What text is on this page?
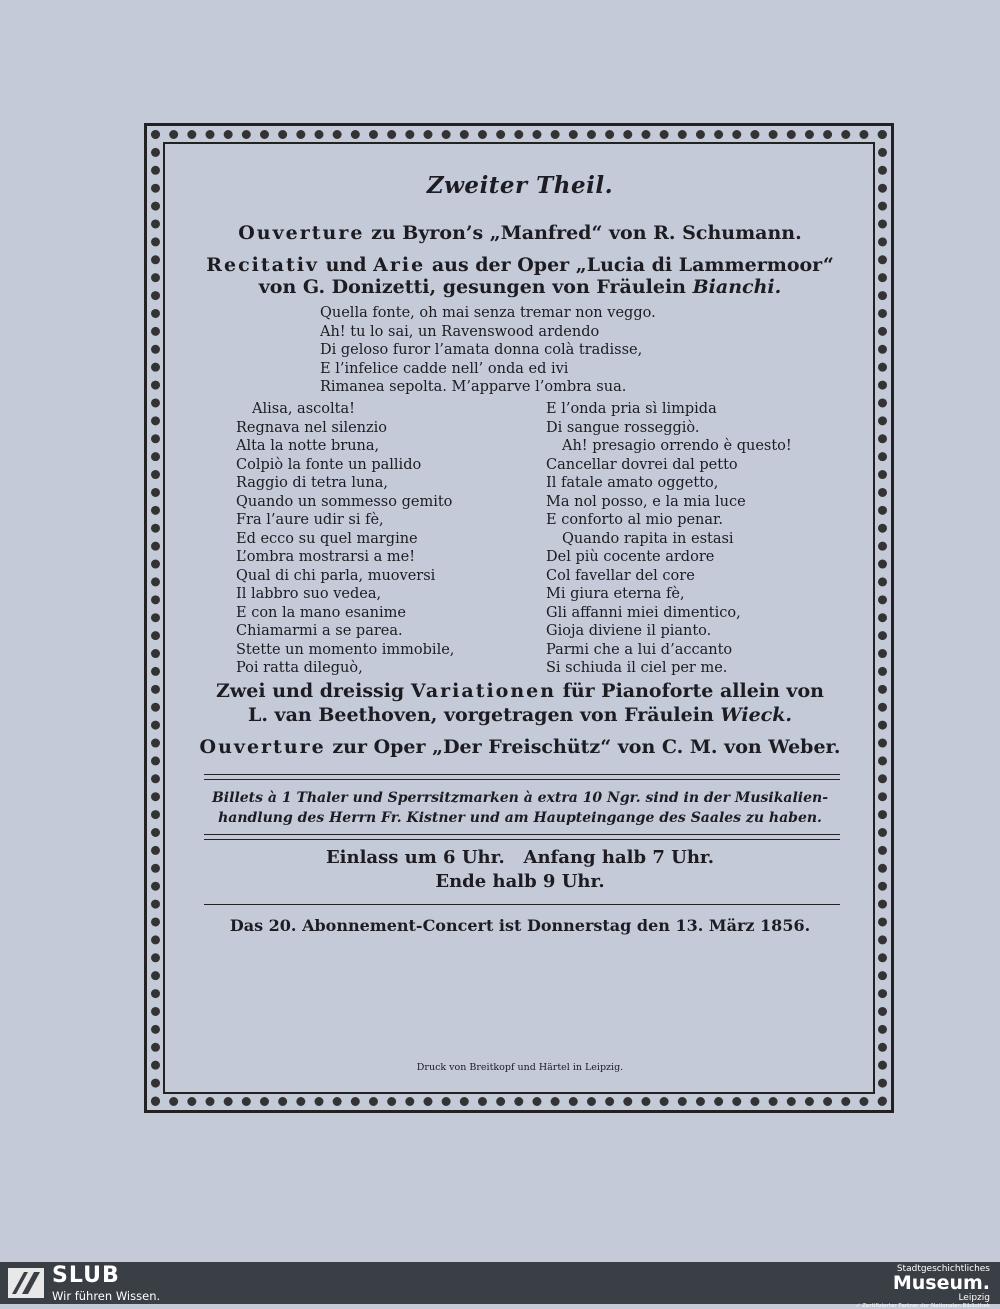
Zweiter Theil.
Ouverture zu Byron’s „Manfred“ von R. Schumann.
Recitativ und Arie aus der Oper „Lucia di Lammermoor“
von G. Donizetti, gesungen von Fräulein Bianchi.
Quella fonte, oh mai senza tremar non veggo.
Ah! tu lo sai, un Ravenswood ardendo
Di geloso furor l’amata donna colà tradisse,
E l’infelice cadde nell’ onda ed ivi
Rimanea sepolta. M’apparve l’ombra sua.
Alisa, ascolta!
Regnava nel silenzio
Alta la notte bruna,
Colpiò la fonte un pallido
Raggio di tetra luna,
Quando un sommesso gemito
Fra l’aure udir si fè,
Ed ecco su quel margine
L’ombra mostrarsi a me!
Qual di chi parla, muoversi
Il labbro suo vedea,
E con la mano esanime
Chiamarmi a se parea.
Stette un momento immobile,
Poi ratta dileguò,
E l’onda pria sì limpida
Di sangue rosseggiò.
Ah! presagio orrendo è questo!
Cancellar dovrei dal petto
Il fatale amato oggetto,
Ma nol posso, e la mia luce
E conforto al mio penar.
Quando rapita in estasi
Del più cocente ardore
Col favellar del core
Mi giura eterna fè,
Gli affanni miei dimentico,
Gioja diviene il pianto.
Parmi che a lui d’accanto
Si schiuda il ciel per me.
Zwei und dreissig Variationen für Pianoforte allein von
L. van Beethoven, vorgetragen von Fräulein Wieck.
Ouverture zur Oper „Der Freischütz“ von C. M. von Weber.
Billets à 1 Thaler und Sperrsitzmarken à extra 10 Ngr. sind in der Musikalien-
handlung des Herrn Fr. Kistner und am Haupteingange des Saales zu haben.
Einlass um 6 Uhr.   Anfang halb 7 Uhr.
Ende halb 9 Uhr.
Das 20. Abonnement-Concert ist Donnerstag den 13. März 1856.
Druck von Breitkopf und Härtel in Leipzig.
SLUB
Wir führen Wissen.
Stadtgeschichtliches
Museum.
Leipzig
✓ Zertifizierter Partner der Nationalen Bibliothek
